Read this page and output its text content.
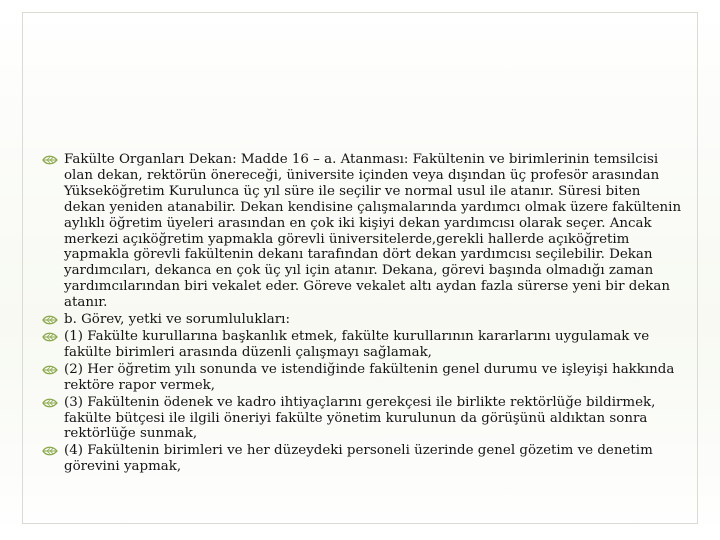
Fakülte Organları Dekan: Madde 16 – a. Atanması: Fakültenin ve birimlerinin temsilcisi olan dekan, rektörün önereceği, üniversite içinden veya dışından üç profesör arasından Yükseköğretim Kurulunca üç yıl süre ile seçilir ve normal usul ile atanır. Süresi biten dekan yeniden atanabilir. Dekan kendisine çalışmalarında yardımcı olmak üzere fakültenin aylıklı öğretim üyeleri arasından en çok iki kişiyi dekan yardımcısı olarak seçer. Ancak merkezi açıköğretim yapmakla görevli üniversitelerde,gerekli hallerde açıköğretim yapmakla görevli fakültenin dekanı tarafından dört dekan yardımcısı seçilebilir. Dekan yardımcıları, dekanca en çok üç yıl için atanır. Dekana, görevi başında olmadığı zaman yardımcılarından biri vekalet eder. Göreve vekalet altı aydan fazla sürerse yeni bir dekan atanır.
b. Görev, yetki ve sorumlulukları:
(1) Fakülte kurullarına başkanlık etmek, fakülte kurullarının kararlarını uygulamak ve fakülte birimleri arasında düzenli çalışmayı sağlamak,
(2) Her öğretim yılı sonunda ve istendiğinde fakültenin genel durumu ve işleyişi hakkında rektöre rapor vermek,
(3) Fakültenin ödenek ve kadro ihtiyaçlarını gerekçesi ile birlikte rektörlüğe bildirmek, fakülte bütçesi ile ilgili öneriyi fakülte yönetim kurulunun da görüşünü aldıktan sonra rektörlüğe sunmak,
(4) Fakültenin birimleri ve her düzeydeki personeli üzerinde genel gözetim ve denetim görevini yapmak,
